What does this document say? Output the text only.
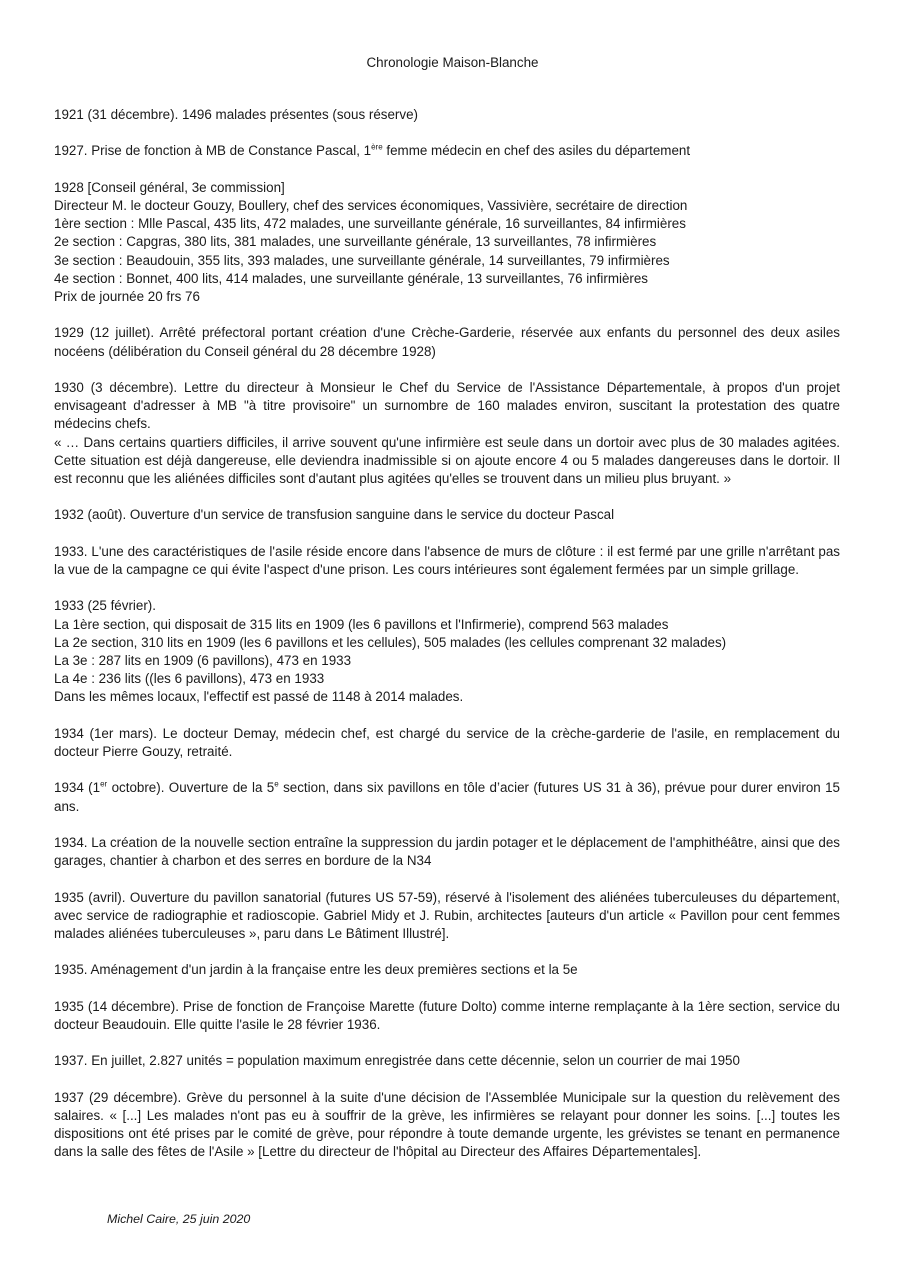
Chronologie Maison-Blanche

1921 (31 décembre). 1496 malades présentes (sous réserve)

1927. Prise de fonction à MB de Constance Pascal, 1ère femme médecin en chef des asiles du département

1928 [Conseil général, 3e commission]
Directeur M. le docteur Gouzy, Boullery, chef des services économiques, Vassivière, secrétaire de direction
1ère section : Mlle Pascal, 435 lits, 472 malades, une surveillante générale, 16 surveillantes, 84 infirmières
2e section : Capgras, 380 lits, 381 malades, une surveillante générale, 13 surveillantes, 78 infirmières
3e section : Beaudouin, 355 lits, 393 malades, une surveillante générale, 14 surveillantes, 79 infirmières
4e section : Bonnet, 400 lits, 414 malades, une surveillante générale, 13 surveillantes, 76 infirmières
Prix de journée 20 frs 76

1929 (12 juillet). Arrêté préfectoral portant création d'une Crèche-Garderie, réservée aux enfants du personnel des deux asiles nocéens (délibération du Conseil général du 28 décembre 1928)

1930 (3 décembre). Lettre du directeur à Monsieur le Chef du Service de l'Assistance Départementale, à propos d'un projet envisageant d'adresser à MB "à titre provisoire" un surnombre de 160 malades environ, suscitant la protestation des quatre médecins chefs.
« … Dans certains quartiers difficiles, il arrive souvent qu'une infirmière est seule dans un dortoir avec plus de 30 malades agitées. Cette situation est déjà dangereuse, elle deviendra inadmissible si on ajoute encore 4 ou 5 malades dangereuses dans le dortoir. Il est reconnu que les aliénées difficiles sont d'autant plus agitées qu'elles se trouvent dans un milieu plus bruyant. »

1932 (août). Ouverture d'un service de transfusion sanguine dans le service du docteur Pascal

1933. L'une des caractéristiques de l'asile réside encore dans l'absence de murs de clôture : il est fermé par une grille n'arrêtant pas la vue de la campagne ce qui évite l'aspect d'une prison. Les cours intérieures sont également fermées par un simple grillage.

1933 (25 février).
La 1ère section, qui disposait de 315 lits en 1909 (les 6 pavillons et l'Infirmerie), comprend 563 malades
La 2e section, 310 lits en 1909 (les 6 pavillons et les cellules), 505 malades (les cellules comprenant 32 malades)
La 3e : 287 lits en 1909 (6 pavillons), 473 en 1933
La 4e : 236 lits ((les 6 pavillons), 473 en 1933
Dans les mêmes locaux, l'effectif est passé de 1148 à 2014 malades.

1934 (1er mars). Le docteur Demay, médecin chef, est chargé du service de la crèche-garderie de l'asile, en remplacement du docteur Pierre Gouzy, retraité.

1934 (1er octobre). Ouverture de la 5e section, dans six pavillons en tôle d’acier (futures US 31 à 36), prévue pour durer environ 15 ans.

1934. La création de la nouvelle section entraîne la suppression du jardin potager et le déplacement de l'amphithéâtre, ainsi que des garages, chantier à charbon et des serres en bordure de la N34

1935 (avril). Ouverture du pavillon sanatorial (futures US 57-59), réservé à l'isolement des aliénées tuberculeuses du département, avec service de radiographie et radioscopie. Gabriel Midy et J. Rubin, architectes [auteurs d'un article « Pavillon pour cent femmes malades aliénées tuberculeuses », paru dans Le Bâtiment Illustré].

1935. Aménagement d'un jardin à la française entre les deux premières sections et la 5e

1935 (14 décembre). Prise de fonction de Françoise Marette (future Dolto) comme interne remplaçante à la 1ère section, service du docteur Beaudouin. Elle quitte l'asile le 28 février 1936.

1937. En juillet, 2.827 unités = population maximum enregistrée dans cette décennie, selon un courrier de mai 1950

1937 (29 décembre). Grève du personnel à la suite d'une décision de l'Assemblée Municipale sur la question du relèvement des salaires. « [...] Les malades n'ont pas eu à souffrir de la grève, les infirmières se relayant pour donner les soins. [...] toutes les dispositions ont été prises par le comité de grève, pour répondre à toute demande urgente, les grévistes se tenant en permanence dans la salle des fêtes de l'Asile » [Lettre du directeur de l'hôpital au Directeur des Affaires Départementales].

Michel Caire, 25 juin 2020
